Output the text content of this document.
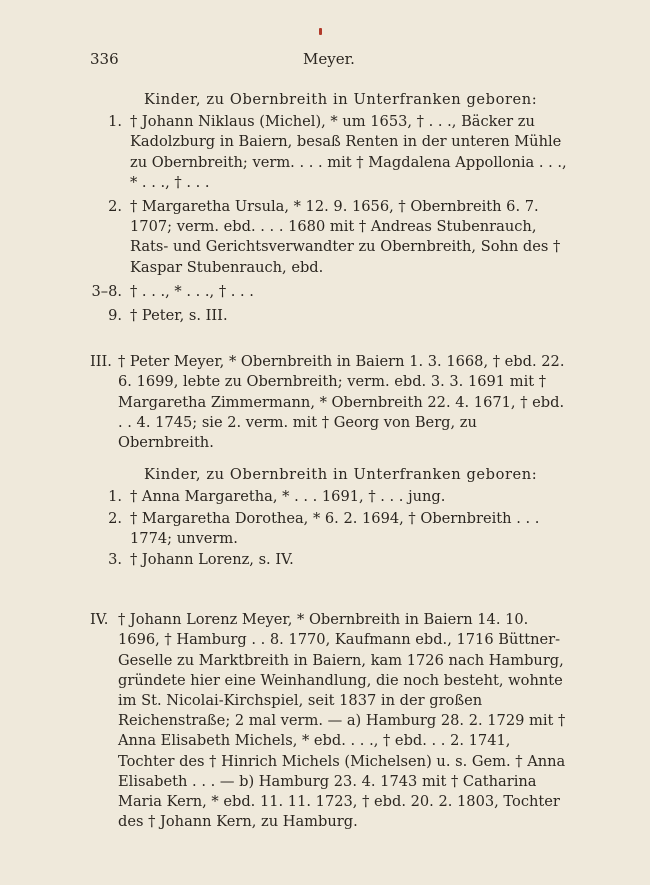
336	Meyer.
Kinder, zu Obernbreith in Unterfranken geboren:
1. † Johann Niklaus (Michel), * um 1653, † . . ., Bäcker zu Kadolzburg in Baiern, besaß Renten in der unteren Mühle zu Obernbreith; verm. . . . mit † Magdalena Appollonia . . ., * . . ., † . . .
2. † Margaretha Ursula, * 12. 9. 1656, † Obernbreith 6. 7. 1707; verm. ebd. . . . 1680 mit † Andreas Stubenrauch, Rats- und Gerichtsverwandter zu Obernbreith, Sohn des † Kaspar Stubenrauch, ebd.
3–8. † . . ., * . . ., † . . .
9. † Peter, s. III.
III. † Peter Meyer, * Obernbreith in Baiern 1. 3. 1668, † ebd. 22. 6. 1699, lebte zu Obernbreith; verm. ebd. 3. 3. 1691 mit † Margaretha Zimmermann, * Obernbreith 22. 4. 1671, † ebd. . . 4. 1745; sie 2. verm. mit † Georg von Berg, zu Obernbreith.
Kinder, zu Obernbreith in Unterfranken geboren:
1. † Anna Margaretha, * . . . 1691, † . . . jung.
2. † Margaretha Dorothea, * 6. 2. 1694, † Obernbreith . . . 1774; unverm.
3. † Johann Lorenz, s. IV.
IV. † Johann Lorenz Meyer, * Obernbreith in Baiern 14. 10. 1696, † Hamburg . . 8. 1770, Kaufmann ebd., 1716 Büttner-Geselle zu Marktbreith in Baiern, kam 1726 nach Hamburg, gründete hier eine Weinhandlung, die noch besteht, wohnte im St. Nicolai-Kirchspiel, seit 1837 in der großen Reichenstraße; 2 mal verm. — a) Hamburg 28. 2. 1729 mit † Anna Elisabeth Michels, * ebd. . . ., † ebd. . . 2. 1741, Tochter des † Hinrich Michels (Michelsen) u. s. Gem. † Anna Elisabeth . . . — b) Hamburg 23. 4. 1743 mit † Catharina Maria Kern, * ebd. 11. 11. 1723, † ebd. 20. 2. 1803, Tochter des † Johann Kern, zu Hamburg.
